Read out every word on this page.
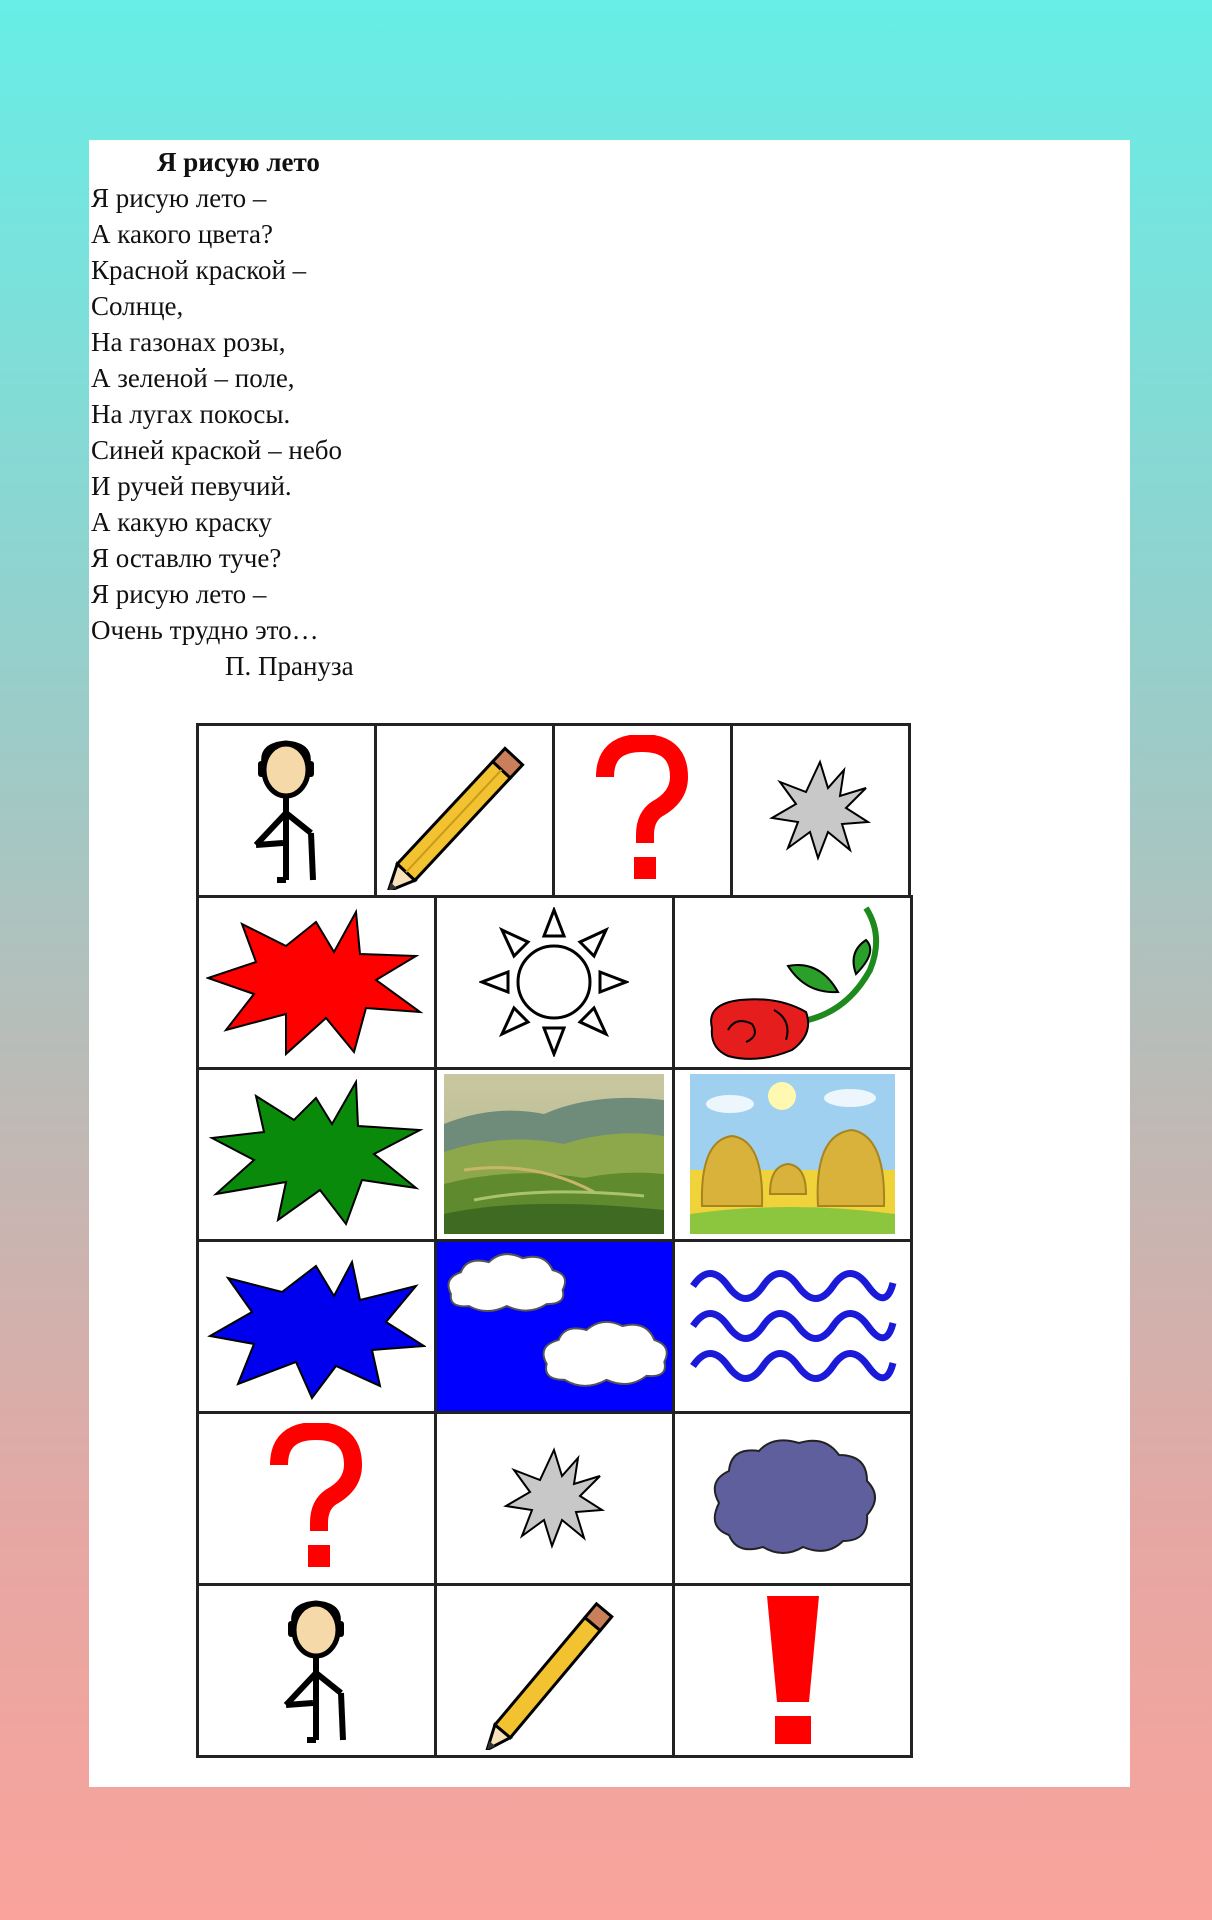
Я рисую лето
Я рисую лето –
А какого цвета?
Красной краской –
Солнце,
На газонах розы,
А зеленой – поле,
На лугах покосы.
Синей краской – небо
И ручей певучий.
А какую краску
Я оставлю туче?
Я рисую лето –
Очень трудно это…
П. Прануза
